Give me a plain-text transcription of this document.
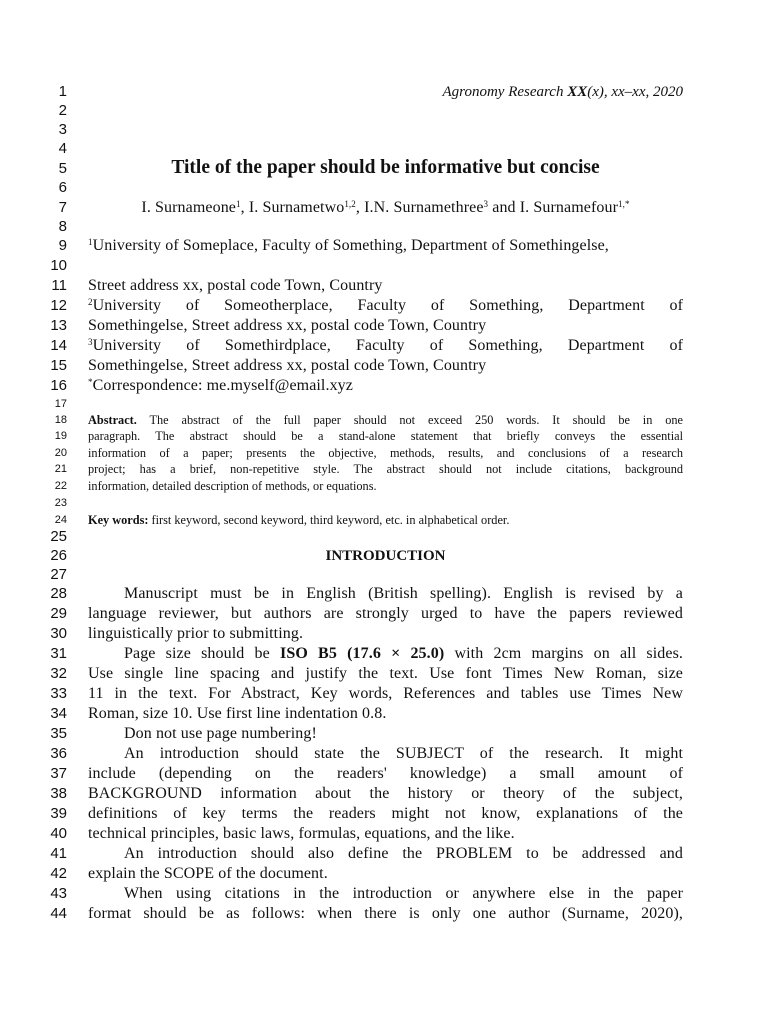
1
2
3
4
5
6
7
8
9
10
11
12
13
14
15
16
17
18
19
20
21
22
23
24
25
26
27
28
29
30
31
32
33
34
35
36
37
38
39
40
41
42
43
44
Agronomy Research XX(x), xx–xx, 2020
Title of the paper should be informative but concise
I. Surnameone$^1$, I. Surnametwo$^{1,2}$, I.N. Surnamethree$^3$ and I. Surnamefour$^{1,*}$
$^1$University of Someplace, Faculty of Something, Department of Somethingelse,
Street address xx, postal code Town, Country
$^2$University of Someotherplace, Faculty of Something, Department of
Somethingelse, Street address xx, postal code Town, Country
$^3$University of Somethirdplace, Faculty of Something, Department of
Somethingelse, Street address xx, postal code Town, Country
*Correspondence: me.myself@email.xyz
Abstract. The abstract of the full paper should not exceed 250 words. It should be in one
paragraph. The abstract should be a stand-alone statement that briefly conveys the essential
information of a paper; presents the objective, methods, results, and conclusions of a research
project; has a brief, non-repetitive style. The abstract should not include citations, background
information, detailed description of methods, or equations.
Key words: first keyword, second keyword, third keyword, etc. in alphabetical order.
INTRODUCTION
Manuscript must be in English (British spelling). English is revised by a
language reviewer, but authors are strongly urged to have the papers reviewed
linguistically prior to submitting.
Page size should be ISO B5 (17.6 × 25.0) with 2cm margins on all sides.
Use single line spacing and justify the text. Use font Times New Roman, size
11 in the text. For Abstract, Key words, References and tables use Times New
Roman, size 10. Use first line indentation 0.8.
Don not use page numbering!
An introduction should state the SUBJECT of the research. It might
include (depending on the readers' knowledge) a small amount of
BACKGROUND information about the history or theory of the subject,
definitions of key terms the readers might not know, explanations of the
technical principles, basic laws, formulas, equations, and the like.
An introduction should also define the PROBLEM to be addressed and
explain the SCOPE of the document.
When using citations in the introduction or anywhere else in the paper
format should be as follows: when there is only one author (Surname, 2020),
